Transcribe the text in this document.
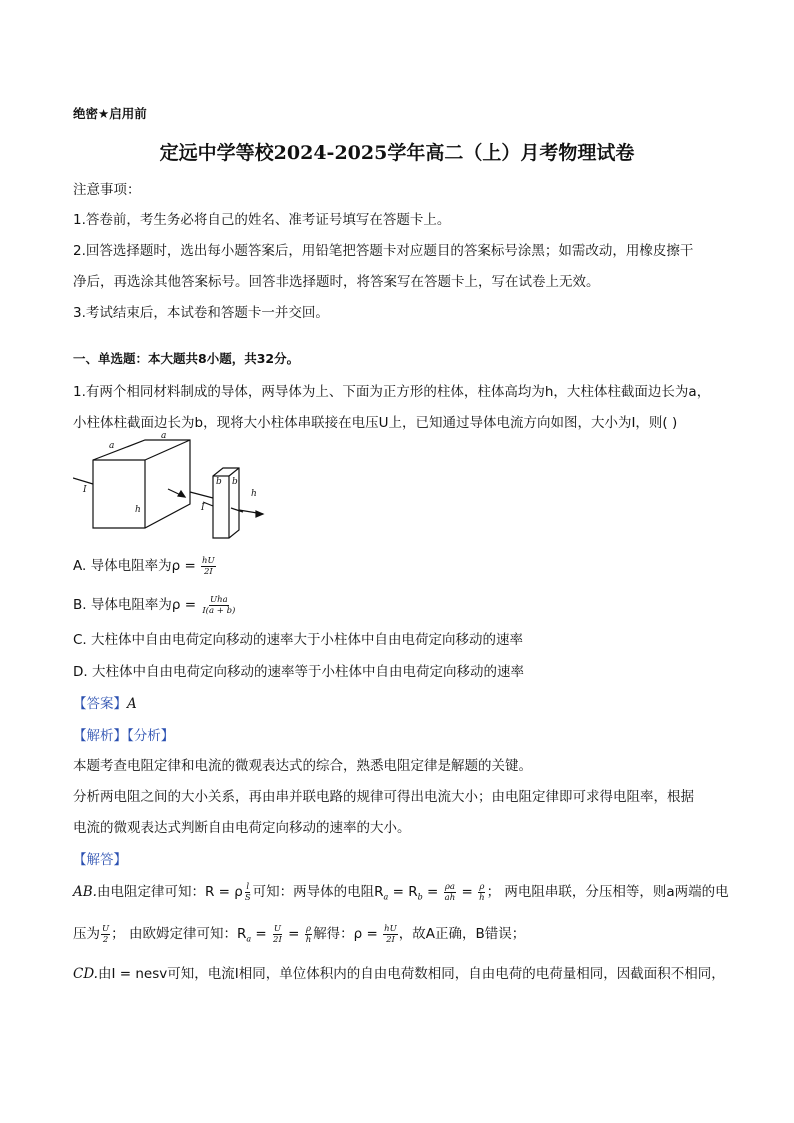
绝密★启用前
定远中学等校2024-2025学年高二（上）月考物理试卷
注意事项：
1.答卷前，考生务必将自己的姓名、准考证号填写在答题卡上。
2.回答选择题时，选出每小题答案后，用铅笔把答题卡对应题目的答案标号涂黑；如需改动，用橡皮擦干
净后，再选涂其他答案标号。回答非选择题时，将答案写在答题卡上，写在试卷上无效。
3.考试结束后，本试卷和答题卡一并交回。
一、单选题：本大题共8小题，共32分。
1.有两个相同材料制成的导体，两导体为上、下面为正方形的柱体，柱体高均为h，大柱体柱截面边长为a，
小柱体柱截面边长为b，现将大小柱体串联接在电压U上，已知通过导体电流方向如图，大小为I，则( )
a
a
h
I
b b
h
I
A. 导体电阻率为$\rho = \frac{hU}{2I}$
B. 导体电阻率为$\rho = \frac{\text{Uha}}{I(a + b)}$
C. 大柱体中自由电荷定向移动的速率大于小柱体中自由电荷定向移动的速率
D. 大柱体中自由电荷定向移动的速率等于小柱体中自由电荷定向移动的速率
【答案】A
【解析】【分析】
本题考查电阻定律和电流的微观表达式的综合，熟悉电阻定律是解题的关键。
分析两电阻之间的大小关系，再由串并联电路的规律可得出电流大小；由电阻定律即可求得电阻率，根据
电流的微观表达式判断自由电荷定向移动的速率的大小。
【解答】
AB.由电阻定律可知：R = ρ $\frac{l}{S}$ 可知：两导体的电阻$R_a = R_b = \frac{\rho a}{ah} = \frac{\rho}{h}$ ； 两电阻串联，分压相等，则a两端的电
压为 $\frac{U}{2}$ ； 由欧姆定律可知：$R_a = \frac{U}{2I} = \frac{\rho}{h}$ 解得：$\rho = \frac{hU}{2I}$ ，故A正确，B错误；
CD.由I = nesv可知，电流I相同，单位体积内的自由电荷数相同，自由电荷的电荷量相同，因截面积不相同，
